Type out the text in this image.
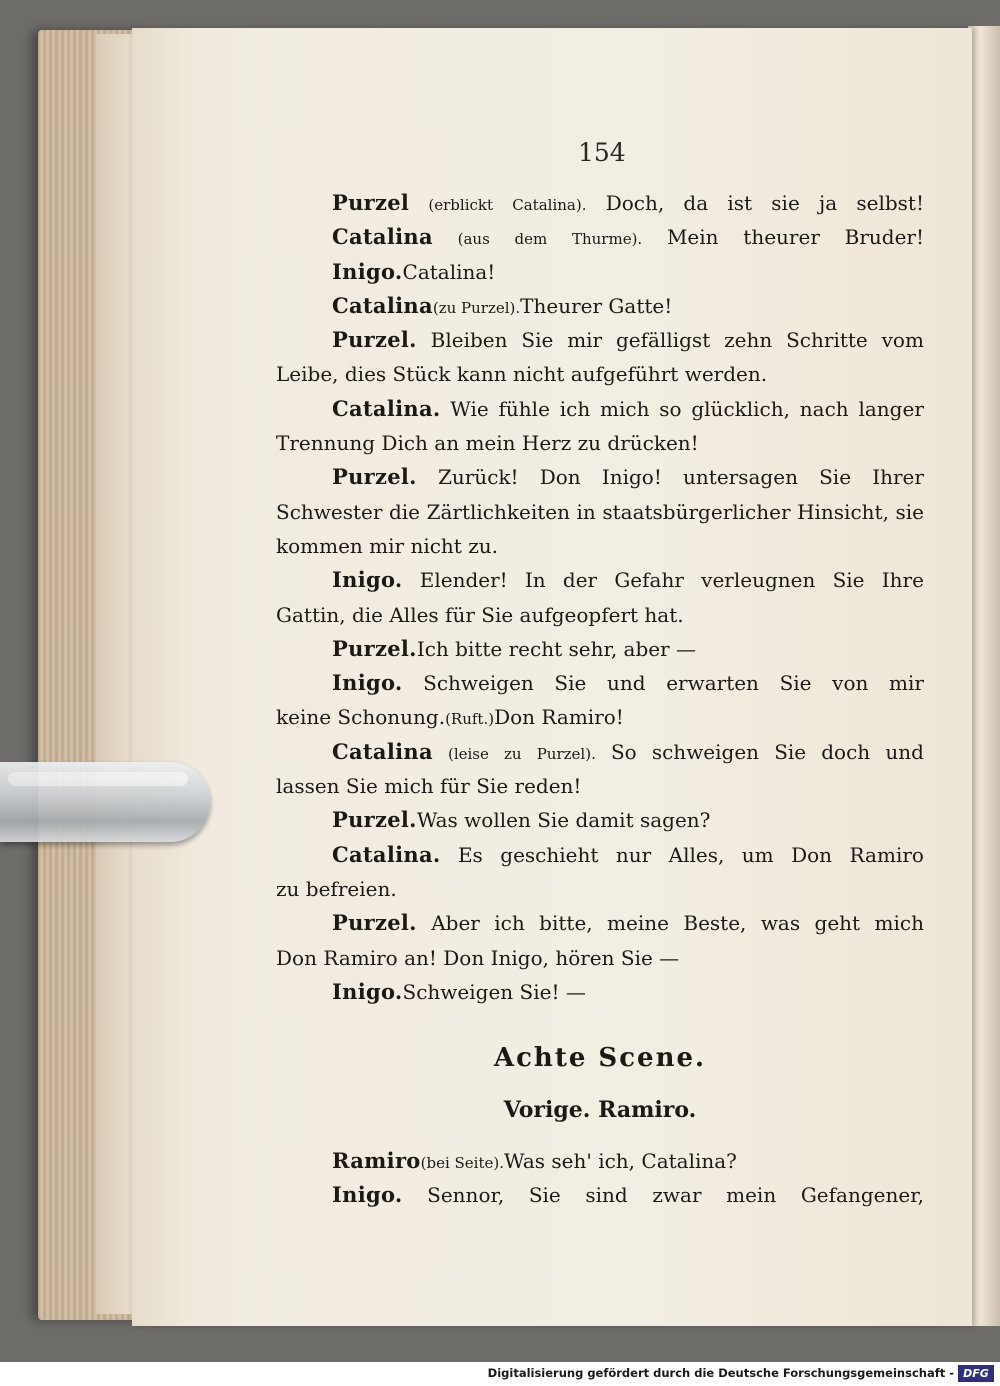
154
Purzel (erblickt Catalina). Doch, da ist sie ja selbst!
Catalina (aus dem Thurme). Mein theurer Bruder!
Inigo. Catalina!
Catalina (zu Purzel). Theurer Gatte!
Purzel. Bleiben Sie mir gefälligst zehn Schritte vom
Leibe, dies Stück kann nicht aufgeführt werden.
Catalina. Wie fühle ich mich so glücklich, nach langer
Trennung Dich an mein Herz zu drücken!
Purzel. Zurück! Don Inigo! untersagen Sie Ihrer
Schwester die Zärtlichkeiten in staatsbürgerlicher Hinsicht, sie
kommen mir nicht zu.
Inigo. Elender! In der Gefahr verleugnen Sie Ihre
Gattin, die Alles für Sie aufgeopfert hat.
Purzel. Ich bitte recht sehr, aber —
Inigo. Schweigen Sie und erwarten Sie von mir
keine Schonung. (Ruft.) Don Ramiro!
Catalina (leise zu Purzel). So schweigen Sie doch und
lassen Sie mich für Sie reden!
Purzel. Was wollen Sie damit sagen?
Catalina. Es geschieht nur Alles, um Don Ramiro
zu befreien.
Purzel. Aber ich bitte, meine Beste, was geht mich
Don Ramiro an! Don Inigo, hören Sie —
Inigo. Schweigen Sie! —
Achte Scene.
Vorige. Ramiro.
Ramiro (bei Seite). Was seh' ich, Catalina?
Inigo. Sennor, Sie sind zwar mein Gefangener,
Digitalisierung gefördert durch die Deutsche Forschungsgemeinschaft - DFG
